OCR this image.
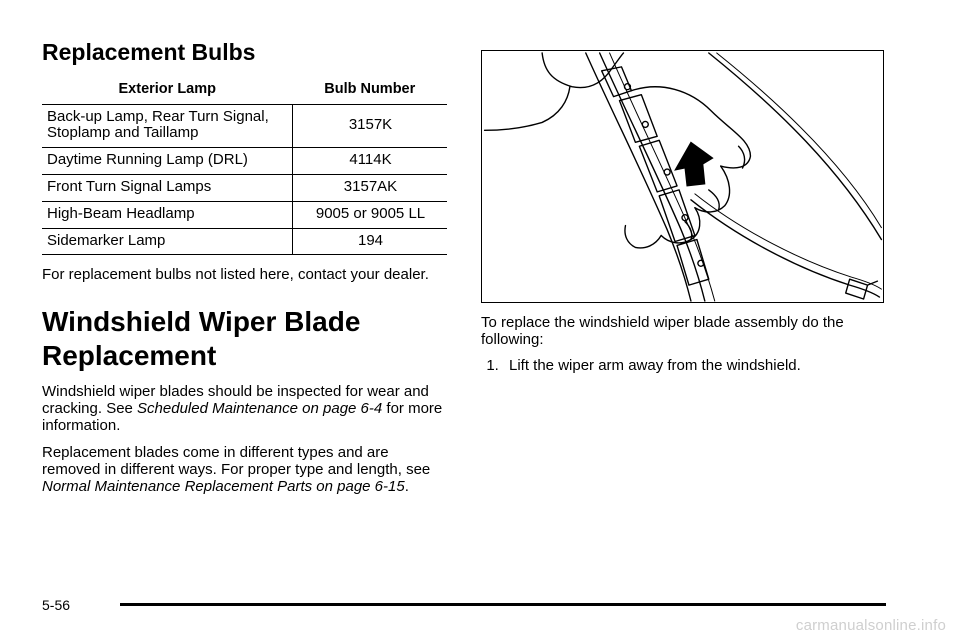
Replacement Bulbs
Exterior Lamp	Bulb Number
Back-up Lamp, Rear Turn Signal, Stoplamp and Taillamp	3157K
Daytime Running Lamp (DRL)	4114K
Front Turn Signal Lamps	3157AK
High-Beam Headlamp	9005 or 9005 LL
Sidemarker Lamp	194

For replacement bulbs not listed here, contact your dealer.

Windshield Wiper Blade Replacement

Windshield wiper blades should be inspected for wear and cracking. See Scheduled Maintenance on page 6-4 for more information.

Replacement blades come in different types and are removed in different ways. For proper type and length, see Normal Maintenance Replacement Parts on page 6-15.

To replace the windshield wiper blade assembly do the following:

1. Lift the wiper arm away from the windshield.
5-56
carmanualsonline.info
